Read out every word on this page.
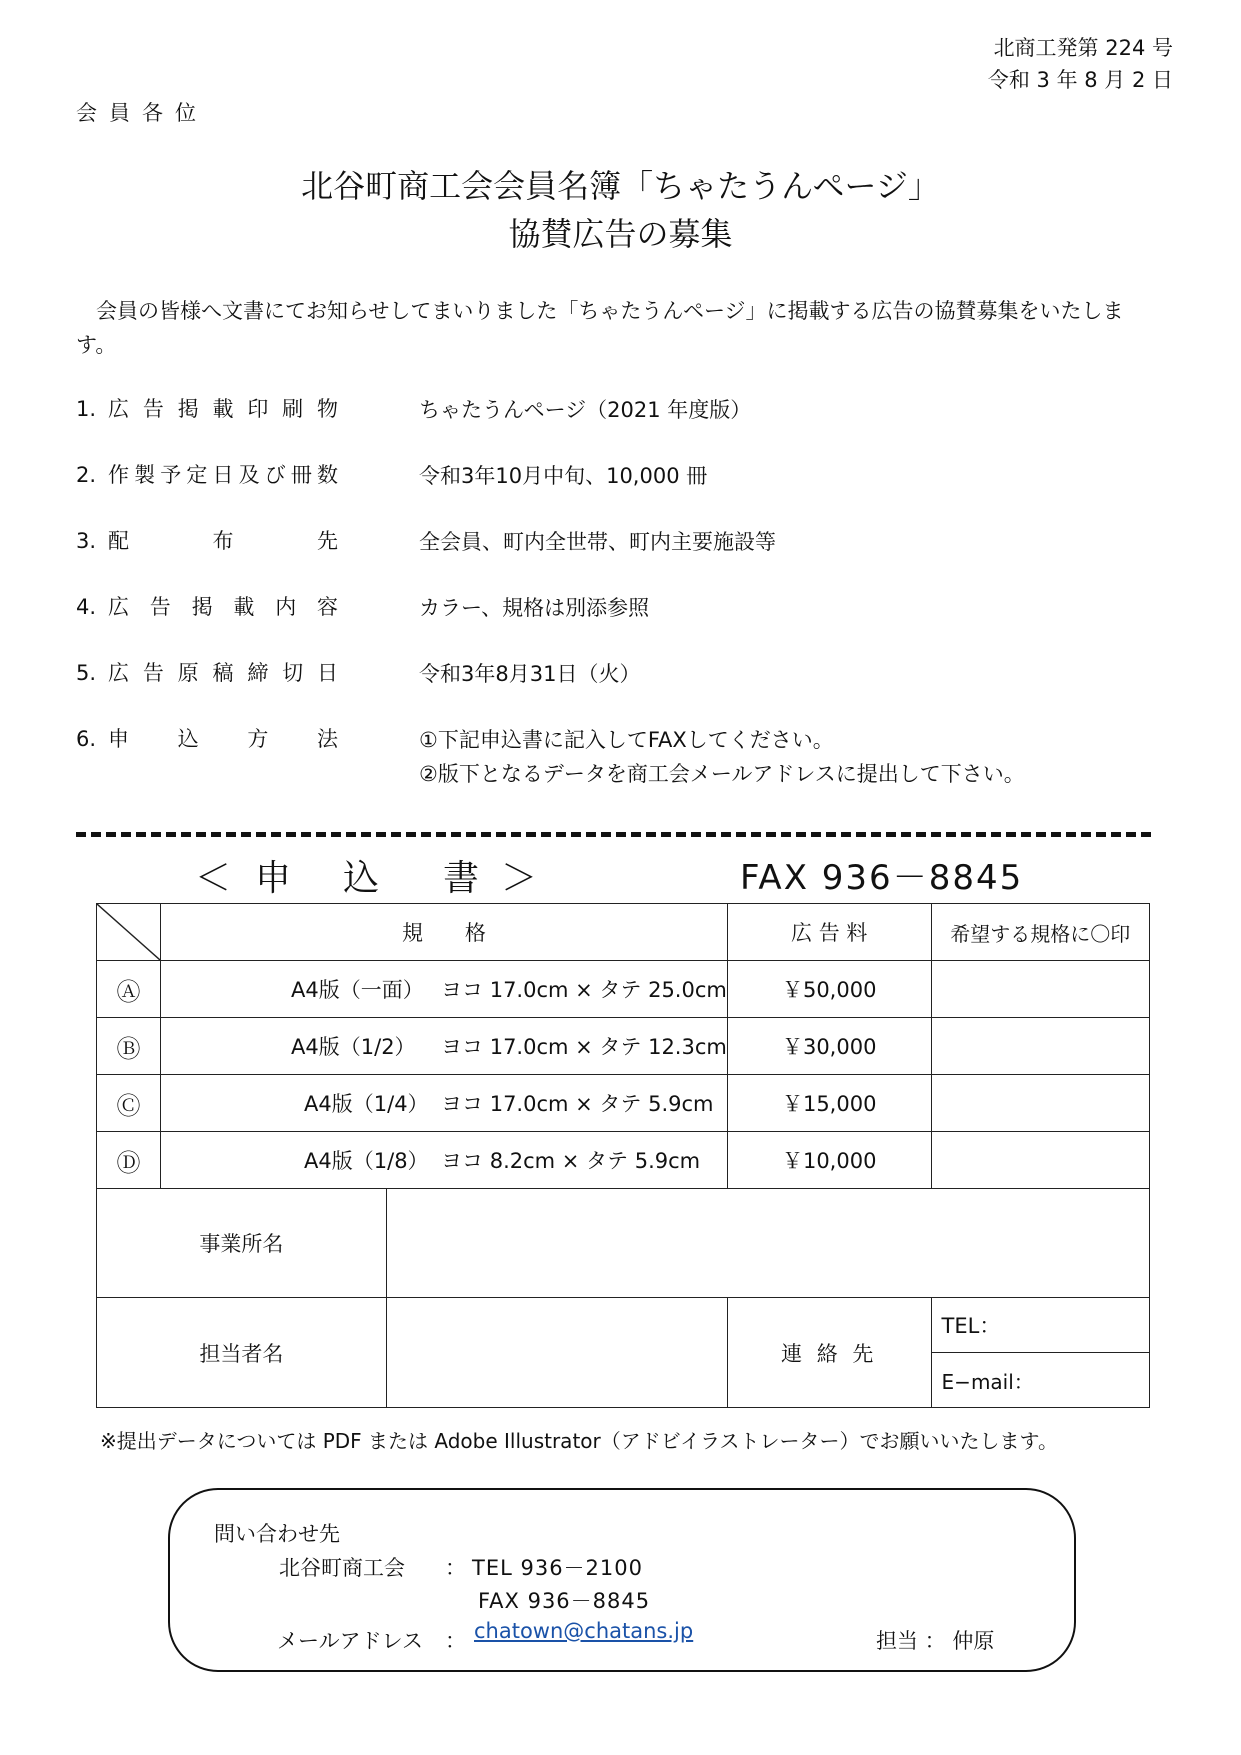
北商工発第 224 号
令和 3 年 8 月 2 日
会員各位
北谷町商工会会員名簿「ちゃたうんページ」
協賛広告の募集
会員の皆様へ文書にてお知らせしてまいりました「ちゃたうんページ」に掲載する広告の協賛募集をいたします。
1. 広告掲載印刷物	ちゃたうんページ（2021 年度版）
2. 作製予定日及び冊数	令和3年10月中旬、10,000 冊
3. 配布先	全会員、町内全世帯、町内主要施設等
4. 広告掲載内容	カラー、規格は別添参照
5. 広告原稿締切日	令和3年8月31日（火）
6. 申込方法	①下記申込書に記入してFAXしてください。
②版下となるデータを商工会メールアドレスに提出して下さい。
＜ 申 込 書 ＞	FAX 936－8845
	規　　格		広 告 料	希望する規格に〇印
Ⓐ	A4版（一面） ヨコ 17.0cm × タテ 25.0cm		￥50,000	
Ⓑ	A4版（1/2） ヨコ 17.0cm × タテ 12.3cm		￥30,000	
Ⓒ	A4版（1/4） ヨコ 17.0cm × タテ 5.9cm		￥15,000	
Ⓓ	A4版（1/8） ヨコ 8.2cm × タテ 5.9cm		￥10,000	
事業所名				
担当者名			連 絡 先	TEL：
				E−mail：
※提出データについては PDF または Adobe Illustrator（アドビイラストレーター）でお願いいたします。
問い合わせ先
北谷町商工会 ： TEL 936－2100
FAX 936－8845
メールアドレス ： chatown@chatans.jp	担当 ： 仲原
